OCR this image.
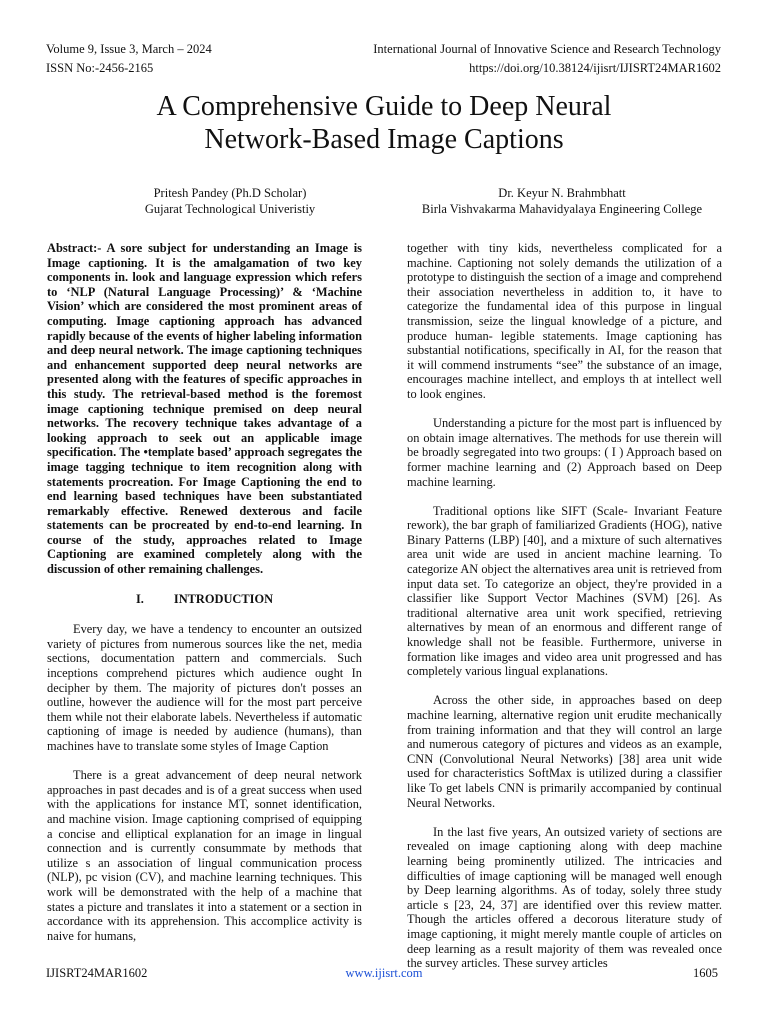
Volume 9, Issue 3, March – 2024
ISSN No:-2456-2165
International Journal of Innovative Science and Research Technology
https://doi.org/10.38124/ijisrt/IJISRT24MAR1602
A Comprehensive Guide to Deep Neural
Network-Based Image Captions
Pritesh Pandey (Ph.D Scholar)
Gujarat Technological Univeristiy
Dr. Keyur N. Brahmbhatt
Birla Vishvakarma Mahavidyalaya Engineering College

Abstract:- A sore subject for understanding an Image is Image captioning. It is the amalgamation of two key components in. look and language expression which refers to ‘NLP (Natural Language Processing)’ & ‘Machine Vision’ which are considered the most prominent areas of computing. Image captioning approach has advanced rapidly because of the events of higher labeling information and deep neural network. The image captioning techniques and enhancement supported deep neural networks are presented along with the features of specific approaches in this study. The retrieval-based method is the foremost image captioning technique premised on deep neural networks. The recovery technique takes advantage of a looking approach to seek out an applicable image specification. The •template based’ approach segregates the image tagging technique to item recognition along with statements procreation. For Image Captioning the end to end learning based techniques have been substantiated remarkably effective. Renewed dexterous and facile statements can be procreated by end-to-end learning. In course of the study, approaches related to Image Captioning are examined completely along with the discussion of other remaining challenges.

I. INTRODUCTION

Every day, we have a tendency to encounter an outsized variety of pictures from numerous sources like the net, media sections, documentation pattern and commercials. Such inceptions comprehend pictures which audience ought In decipher by them. The majority of pictures don't posses an outline, however the audience will for the most part perceive them while not their elaborate labels. Nevertheless if automatic captioning of image is needed by audience (humans), than machines have to translate some styles of Image Caption

There is a great advancement of deep neural network approaches in past decades and is of a great success when used with the applications for instance MT, sonnet identification, and machine vision. Image captioning comprised of equipping a concise and elliptical explanation for an image in lingual connection and is currently consummate by methods that utilize s an association of lingual communication process (NLP), pc vision (CV), and machine learning techniques. This work will be demonstrated with the help of a machine that states a picture and translates it into a statement or a section in accordance with its apprehension. This accomplice activity is naive for humans,

together with tiny kids, nevertheless complicated for a machine. Captioning not solely demands the utilization of a prototype to distinguish the section of a image and comprehend their association nevertheless in addition to, it have to categorize the fundamental idea of this purpose in lingual transmission, seize the lingual knowledge of a picture, and produce human- legible statements. Image captioning has substantial notifications, specifically in AI, for the reason that it will commend instruments “see” the substance of an image, encourages machine intellect, and employs th at intellect well to look engines.

Understanding a picture for the most part is influenced by on obtain image alternatives. The methods for use therein will be broadly segregated into two groups: ( I ) Approach based on former machine learning and (2) Approach based on Deep machine learning.

Traditional options like SIFT (Scale- Invariant Feature rework), the bar graph of familiarized Gradients (HOG), native Binary Patterns (LBP) [40], and a mixture of such alternatives area unit wide are used in ancient machine learning. To categorize AN object the alternatives area unit is retrieved from input data set. To categorize an object, they're provided in a classifier like Support Vector Machines (SVM) [26]. As traditional alternative area unit work specified, retrieving alternatives by mean of an enormous and different range of knowledge shall not be feasible. Furthermore, universe in formation like images and video area unit progressed and has completely various lingual explanations.

Across the other side, in approaches based on deep machine learning, alternative region unit erudite mechanically from training information and that they will control an large and numerous category of pictures and videos as an example, CNN (Convolutional Neural Networks) [38] area unit wide used for characteristics SoftMax is utilized during a classifier like To get labels CNN is primarily accompanied by continual Neural Networks.

In the last five years, An outsized variety of sections are revealed on image captioning along with deep machine learning being prominently utilized. The intricacies and difficulties of image captioning will be managed well enough by Deep learning algorithms. As of today, solely three study article s [23, 24, 37] are identified over this review matter. Though the articles offered a decorous literature study of image captioning, it might merely mantle couple of articles on deep learning as a result majority of them was revealed once the survey articles. These survey articles

IJISRT24MAR1602	www.ijisrt.com	1605
